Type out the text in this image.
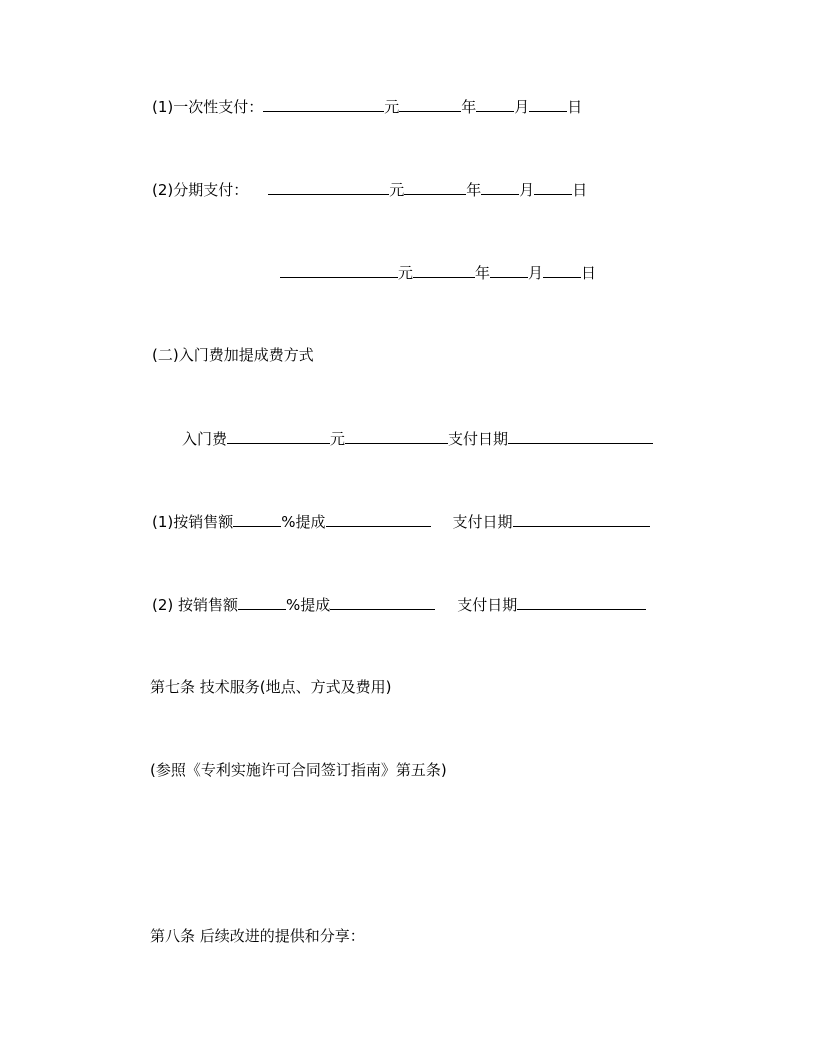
(1)一次性支付：	元	年	月	日
(2)分期支付：	元	年	月	日
元	年	月	日
(二)入门费加提成费方式
入门费	元	支付日期
(1)按销售额	%提成	支付日期
(2) 按销售额	%提成	支付日期
第七条 技术服务(地点、方式及费用)
(参照《专利实施许可合同签订指南》第五条)
第八条 后续改进的提供和分享：
